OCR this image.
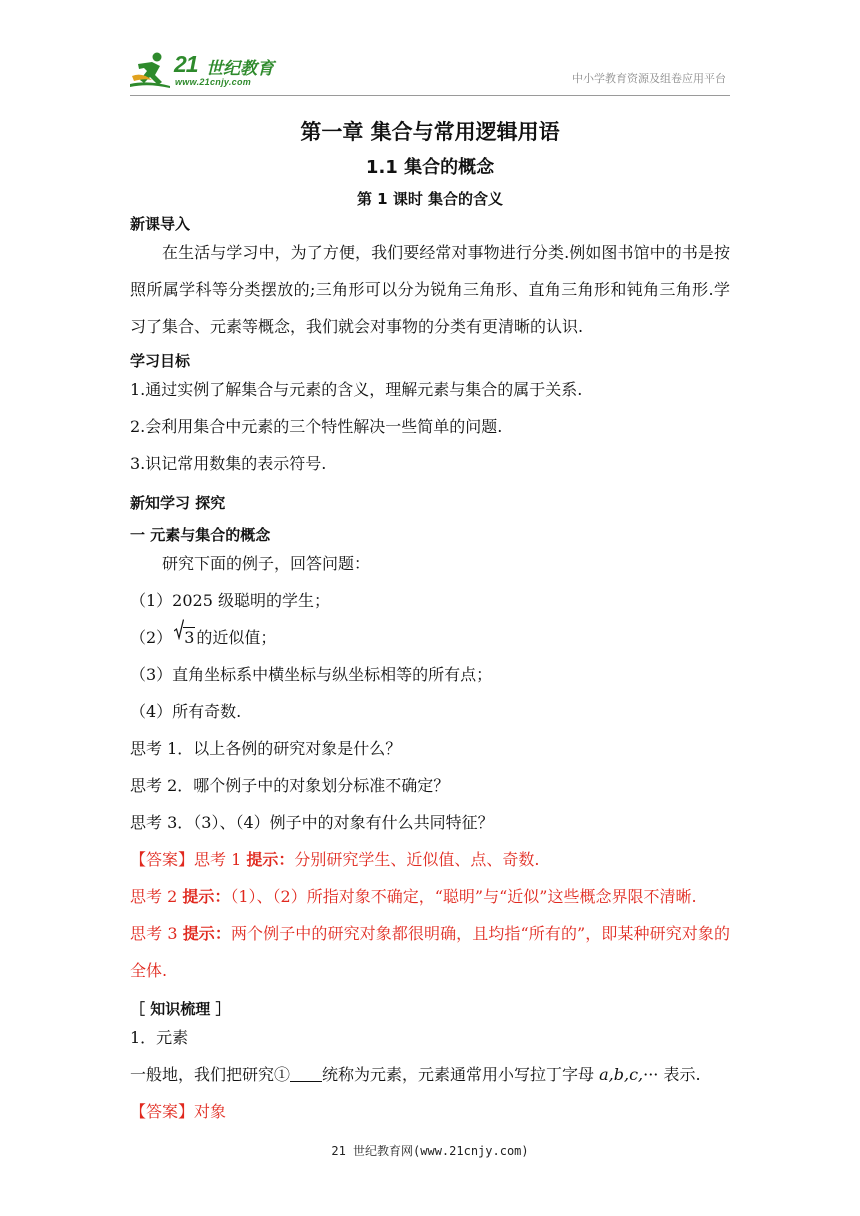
21 世纪教育
www.21cnjy.com	中小学教育资源及组卷应用平台
第一章 集合与常用逻辑用语
1.1 集合的概念
第 1 课时 集合的含义
新课导入

在生活与学习中，为了方便，我们要经常对事物进行分类.例如图书馆中的书是按照所属学科等分类摆放的;三角形可以分为锐角三角形、直角三角形和钝角三角形.学习了集合、元素等概念，我们就会对事物的分类有更清晰的认识.

学习目标

1.通过实例了解集合与元素的含义，理解元素与集合的属于关系.

2.会利用集合中元素的三个特性解决一些简单的问题.

3.识记常用数集的表示符号.

新知学习 探究
一 元素与集合的概念

研究下面的例子，回答问题：

（1）2025 级聪明的学生；

（2） 3 的近似值；

（3）直角坐标系中横坐标与纵坐标相等的所有点；

（4）所有奇数.

思考 1．以上各例的研究对象是什么？

思考 2．哪个例子中的对象划分标准不确定？

思考 3．（3）、（4）例子中的对象有什么共同特征？

【答案】思考 1 提示：分别研究学生、近似值、点、奇数.

思考 2 提示：（1）、（2）所指对象不确定，“聪明”与“近似”这些概念界限不清晰.

思考 3 提示：两个例子中的研究对象都很明确，且均指“所有的”，即某种研究对象的全体.

［ 知识梳理 ］

1．元素

一般地，我们把研究① 统称为元素，元素通常用小写拉丁字母 a,b,c,··· 表示.

【答案】对象

21 世纪教育网(www.21cnjy.com)
